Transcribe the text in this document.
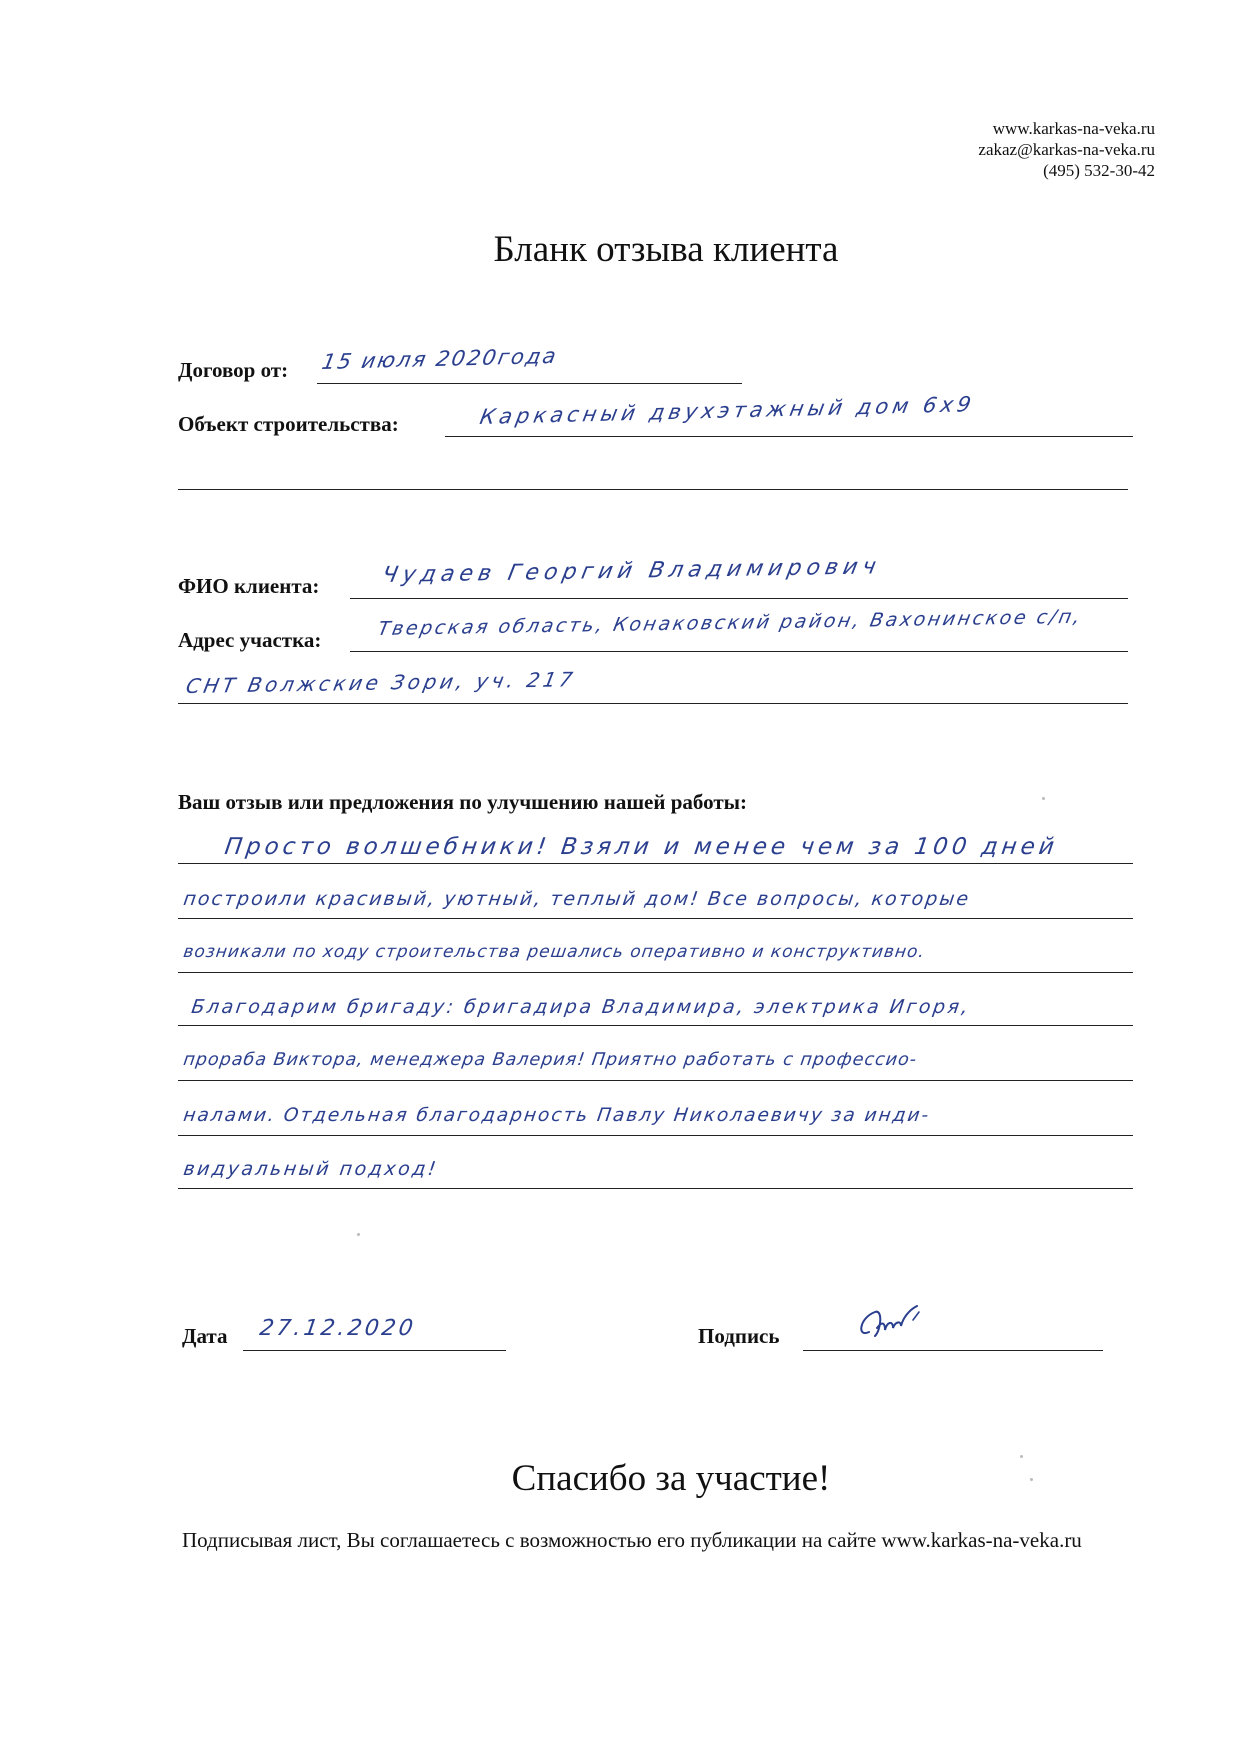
www.karkas-na-veka.ru
zakaz@karkas-na-veka.ru
(495) 532-30-42
Бланк отзыва клиента
Договор от: 15 июля 2020года
Объект строительства:	Каркасный двухэтажный дом 6х9
ФИО клиента:	Чудаев Георгий Владимирович
Адрес участка:	Тверская область, Конаковский район, Вахонинское с/п,
СНТ Волжские Зори, уч. 217
Ваш отзыв или предложения по улучшению нашей работы:
Просто волшебники! Взяли и менее чем за 100 дней
построили красивый, уютный, теплый дом! Все вопросы, которые
возникали по ходу строительства решались оперативно и конструктивно.
Благодарим бригаду: бригадира Владимира, электрика Игоря,
прораба Виктора, менеджера Валерия! Приятно работать с профессио-
налами. Отдельная благодарность Павлу Николаевичу за инди-
видуальный подход!
Дата 27.12.2020	Подпись
Спасибо за участие!
Подписывая лист, Вы соглашаетесь с возможностью его публикации на сайте www.karkas-na-veka.ru
